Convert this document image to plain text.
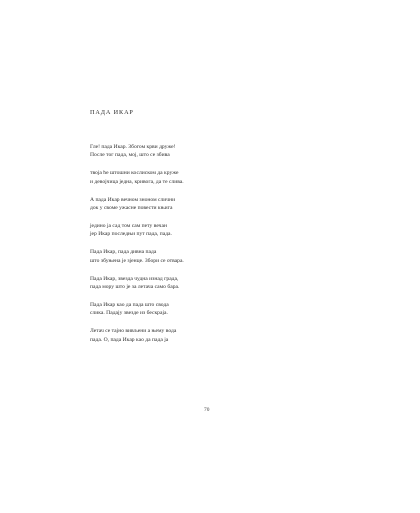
ПАДА ИКАР
Гле! пада Икар. Збогом крви друже!
После тог пада, мој, што се збива
твоја ће штошни кослиском да круже
и девојчица једна, кривога, да те слива.
А пада Икар вечном зноном слични
док у своме ужасне повести књига
једино ја сад том сам пету вечан
јер Икар последњи пут пада, пада.
Пада Икар, пада дивна пада
што збуњена је зјенце. Збори се отвара.
Пада Икар, звезда чудна изнад града,
пада мору што је за летача само бара.
Пада Икар као да пада што свода
слика. Падају звезде из бескраја.
Летач се тајно вивљени а њему вода
пада. О, пада Икар као да пада ја
70
